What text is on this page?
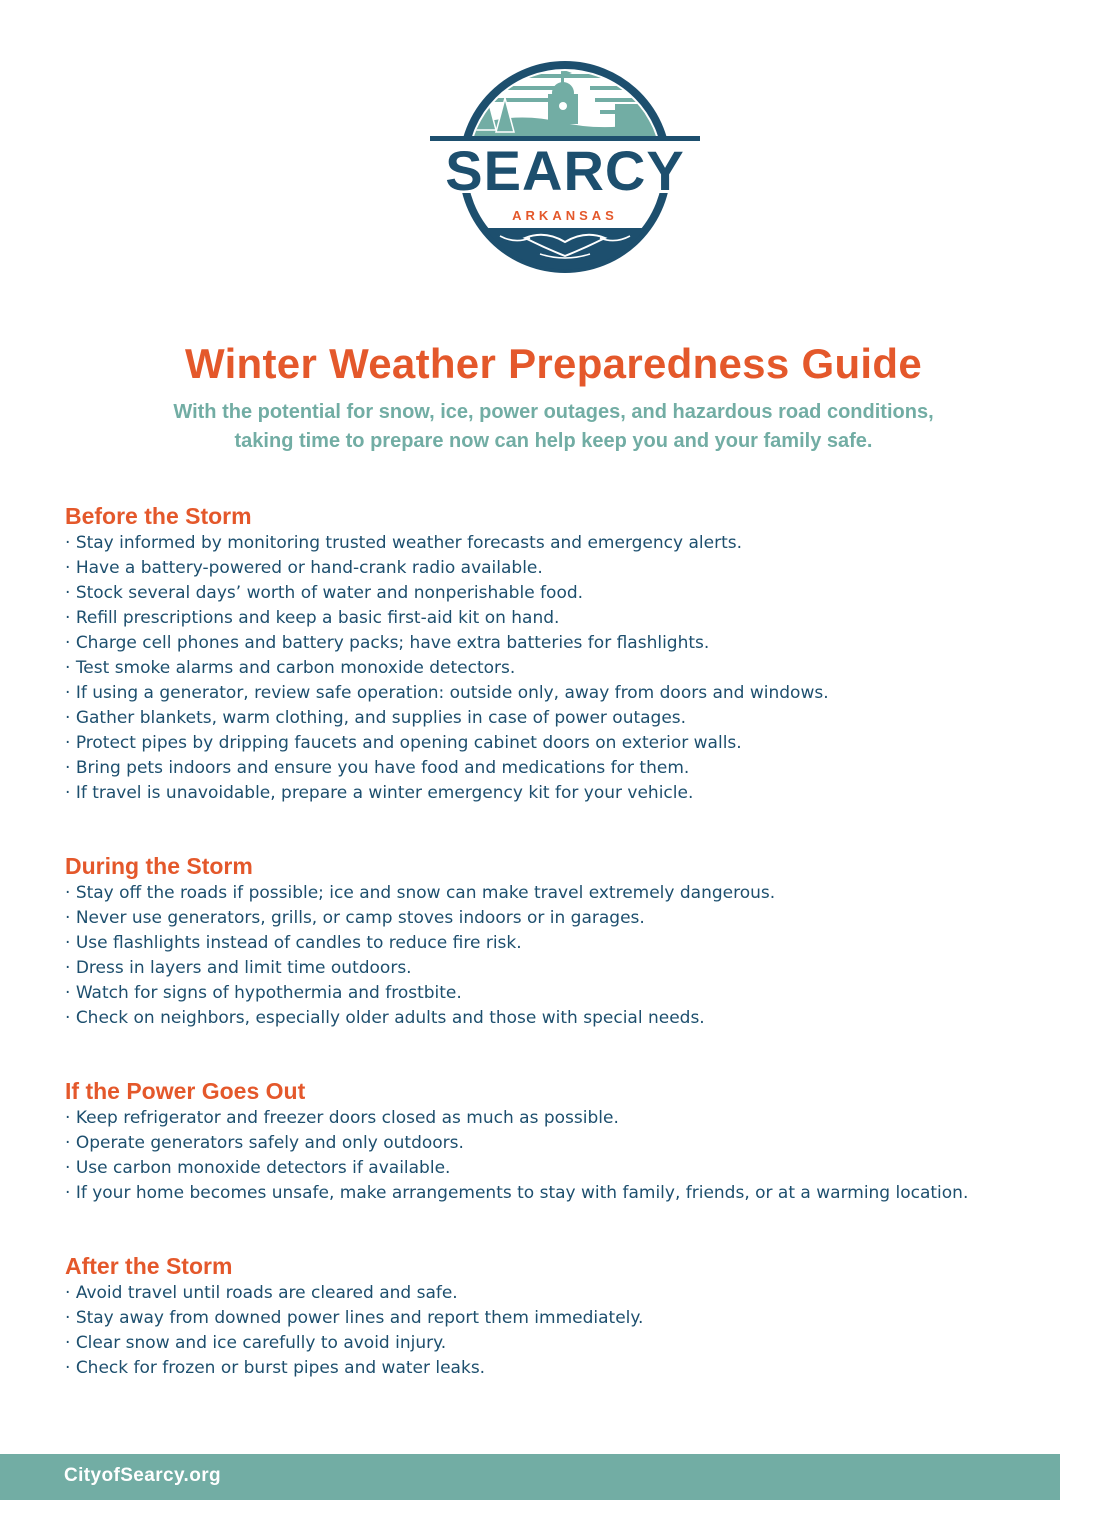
SEARCY
ARKANSAS
Winter Weather Preparedness Guide
With the potential for snow, ice, power outages, and hazardous road conditions,
taking time to prepare now can help keep you and your family safe.
Before the Storm
· Stay informed by monitoring trusted weather forecasts and emergency alerts.
· Have a battery-powered or hand-crank radio available.
· Stock several days’ worth of water and nonperishable food.
· Refill prescriptions and keep a basic first-aid kit on hand.
· Charge cell phones and battery packs; have extra batteries for flashlights.
· Test smoke alarms and carbon monoxide detectors.
· If using a generator, review safe operation: outside only, away from doors and windows.
· Gather blankets, warm clothing, and supplies in case of power outages.
· Protect pipes by dripping faucets and opening cabinet doors on exterior walls.
· Bring pets indoors and ensure you have food and medications for them.
· If travel is unavoidable, prepare a winter emergency kit for your vehicle.
During the Storm
· Stay off the roads if possible; ice and snow can make travel extremely dangerous.
· Never use generators, grills, or camp stoves indoors or in garages.
· Use flashlights instead of candles to reduce fire risk.
· Dress in layers and limit time outdoors.
· Watch for signs of hypothermia and frostbite.
· Check on neighbors, especially older adults and those with special needs.
If the Power Goes Out
· Keep refrigerator and freezer doors closed as much as possible.
· Operate generators safely and only outdoors.
· Use carbon monoxide detectors if available.
· If your home becomes unsafe, make arrangements to stay with family, friends, or at a warming location.
After the Storm
· Avoid travel until roads are cleared and safe.
· Stay away from downed power lines and report them immediately.
· Clear snow and ice carefully to avoid injury.
· Check for frozen or burst pipes and water leaks.
CityofSearcy.org
